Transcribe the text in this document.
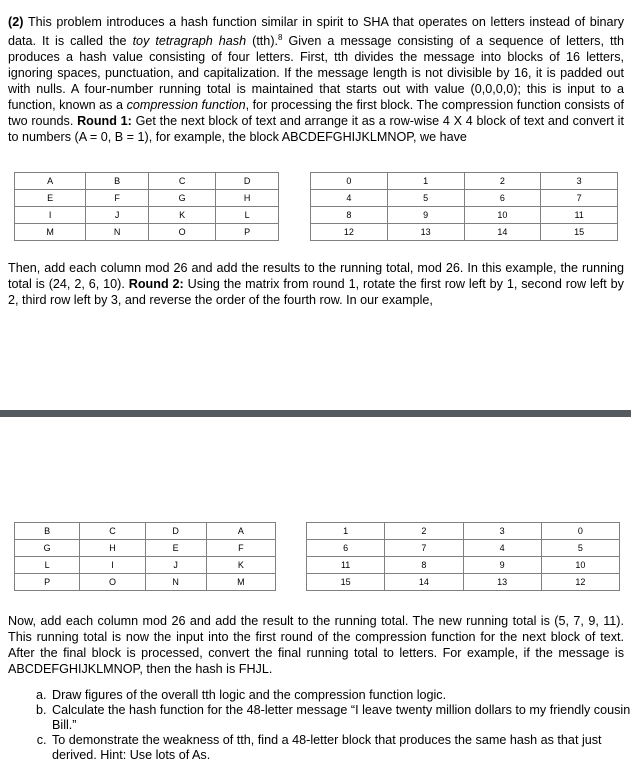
(2) This problem introduces a hash function similar in spirit to SHA that operates on letters instead of binary data. It is called the toy tetragraph hash (tth).$^8$ Given a message consisting of a sequence of letters, tth produces a hash value consisting of four letters. First, tth divides the message into blocks of 16 letters, ignoring spaces, punctuation, and capitalization. If the message length is not divisible by 16, it is padded out with nulls. A four-number running total is maintained that starts out with value (0,0,0,0); this is input to a function, known as a compression function, for processing the first block. The compression function consists of two rounds. Round 1: Get the next block of text and arrange it as a row-wise 4 X 4 block of text and convert it to numbers (A = 0, B = 1), for example, the block ABCDEFGHIJKLMNOP, we have

A	B	C	D
E	F	G	H
I	J	K	L
M	N	O	P
0	1	2	3
4	5	6	7
8	9	10	11
12	13	14	15

Then, add each column mod 26 and add the results to the running total, mod 26. In this example, the running total is (24, 2, 6, 10). Round 2: Using the matrix from round 1, rotate the first row left by 1, second row left by 2, third row left by 3, and reverse the order of the fourth row. In our example,

B	C	D	A
G	H	E	F
L	I	J	K
P	O	N	M
1	2	3	0
6	7	4	5
11	8	9	10
15	14	13	12

Now, add each column mod 26 and add the result to the running total. The new running total is (5, 7, 9, 11). This running total is now the input into the first round of the compression function for the next block of text. After the final block is processed, convert the final running total to letters. For example, if the message is ABCDEFGHIJKLMNOP, then the hash is FHJL.

a. Draw figures of the overall tth logic and the compression function logic.
b. Calculate the hash function for the 48-letter message “I leave twenty million dollars to my friendly cousin Bill.”
c. To demonstrate the weakness of tth, find a 48-letter block that produces the same hash as that just derived. Hint: Use lots of As.
